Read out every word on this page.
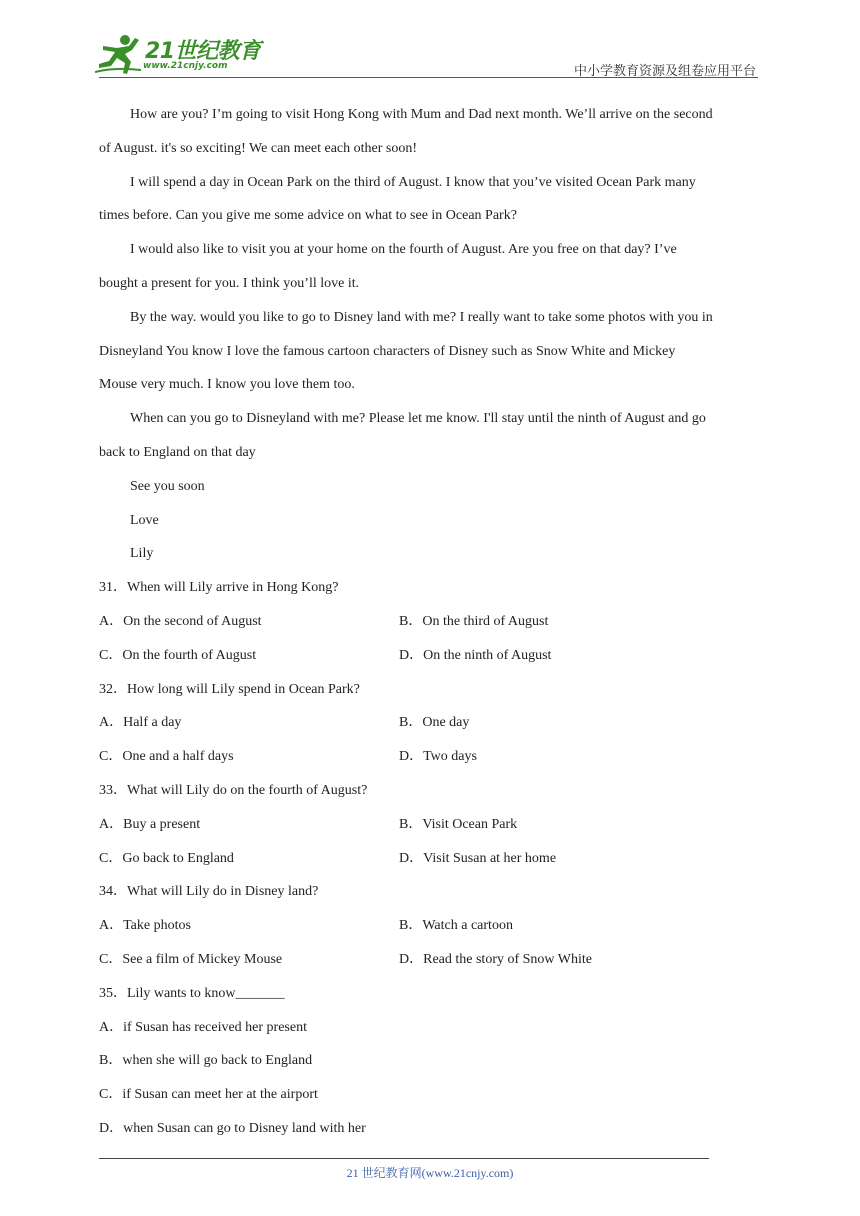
21世纪教育
www.21cnjy.com	中小学教育资源及组卷应用平台
How are you? I’m going to visit Hong Kong with Mum and Dad next month. We’ll arrive on the second
of August. it's so exciting! We can meet each other soon!
I will spend a day in Ocean Park on the third of August. I know that you’ve visited Ocean Park many
times before. Can you give me some advice on what to see in Ocean Park?
I would also like to visit you at your home on the fourth of August. Are you free on that day? I’ve
bought a present for you. I think you’ll love it.
By the way. would you like to go to Disney land with me? I really want to take some photos with you in
Disneyland You know I love the famous cartoon characters of Disney such as Snow White and Mickey
Mouse very much. I know you love them too.
When can you go to Disneyland with me? Please let me know. I'll stay until the ninth of August and go
back to England on that day
See you soon
Love
Lily
31．When will Lily arrive in Hong Kong?
A．On the second of August	B．On the third of August
C．On the fourth of August	D．On the ninth of August
32．How long will Lily spend in Ocean Park?
A．Half a day	B．One day
C．One and a half days	D．Two days
33．What will Lily do on the fourth of August?
A．Buy a present	B．Visit Ocean Park
C．Go back to England	D．Visit Susan at her home
34．What will Lily do in Disney land?
A．Take photos	B．Watch a cartoon
C．See a film of Mickey Mouse	D．Read the story of Snow White
35．Lily wants to know_______
A．if Susan has received her present
B．when she will go back to England
C．if Susan can meet her at the airport
D．when Susan can go to Disney land with her
21 世纪教育网(www.21cnjy.com)
